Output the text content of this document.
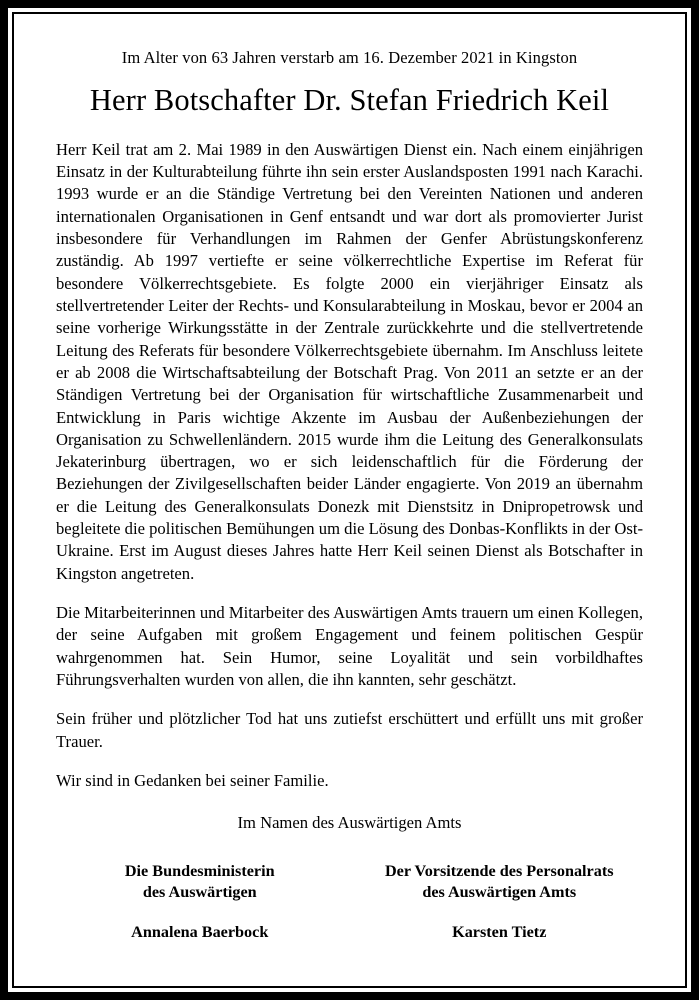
Im Alter von 63 Jahren verstarb am 16. Dezember 2021 in Kingston

Herr Botschafter Dr. Stefan Friedrich Keil

Herr Keil trat am 2. Mai 1989 in den Auswärtigen Dienst ein. Nach einem einjährigen Einsatz in der Kulturabteilung führte ihn sein erster Auslandsposten 1991 nach Karachi. 1993 wurde er an die Ständige Vertretung bei den Vereinten Nationen und anderen internationalen Organisationen in Genf entsandt und war dort als promovierter Jurist insbesondere für Verhandlungen im Rahmen der Genfer Abrüstungskonferenz zuständig. Ab 1997 vertiefte er seine völkerrechtliche Expertise im Referat für besondere Völkerrechtsgebiete. Es folgte 2000 ein vierjähriger Einsatz als stellvertretender Leiter der Rechts- und Konsularabteilung in Moskau, bevor er 2004 an seine vorherige Wirkungsstätte in der Zentrale zurückkehrte und die stellvertretende Leitung des Referats für besondere Völkerrechtsgebiete übernahm. Im Anschluss leitete er ab 2008 die Wirtschaftsabteilung der Botschaft Prag. Von 2011 an setzte er an der Ständigen Vertretung bei der Organisation für wirtschaftliche Zusammenarbeit und Entwicklung in Paris wichtige Akzente im Ausbau der Außenbeziehungen der Organisation zu Schwellenländern. 2015 wurde ihm die Leitung des Generalkonsulats Jekaterinburg übertragen, wo er sich leidenschaftlich für die Förderung der Beziehungen der Zivilgesellschaften beider Länder engagierte. Von 2019 an übernahm er die Leitung des Generalkonsulats Donezk mit Dienstsitz in Dnipropetrowsk und begleitete die politischen Bemühungen um die Lösung des Donbas-Konflikts in der Ost-Ukraine. Erst im August dieses Jahres hatte Herr Keil seinen Dienst als Botschafter in Kingston angetreten.

Die Mitarbeiterinnen und Mitarbeiter des Auswärtigen Amts trauern um einen Kollegen, der seine Aufgaben mit großem Engagement und feinem politischen Gespür wahrgenommen hat. Sein Humor, seine Loyalität und sein vorbildhaftes Führungsverhalten wurden von allen, die ihn kannten, sehr geschätzt.

Sein früher und plötzlicher Tod hat uns zutiefst erschüttert und erfüllt uns mit großer Trauer.

Wir sind in Gedanken bei seiner Familie.

Im Namen des Auswärtigen Amts

Die Bundesministerin

des Auswärtigen

Annalena Baerbock

Der Vorsitzende des Personalrats

des Auswärtigen Amts

Karsten Tietz
